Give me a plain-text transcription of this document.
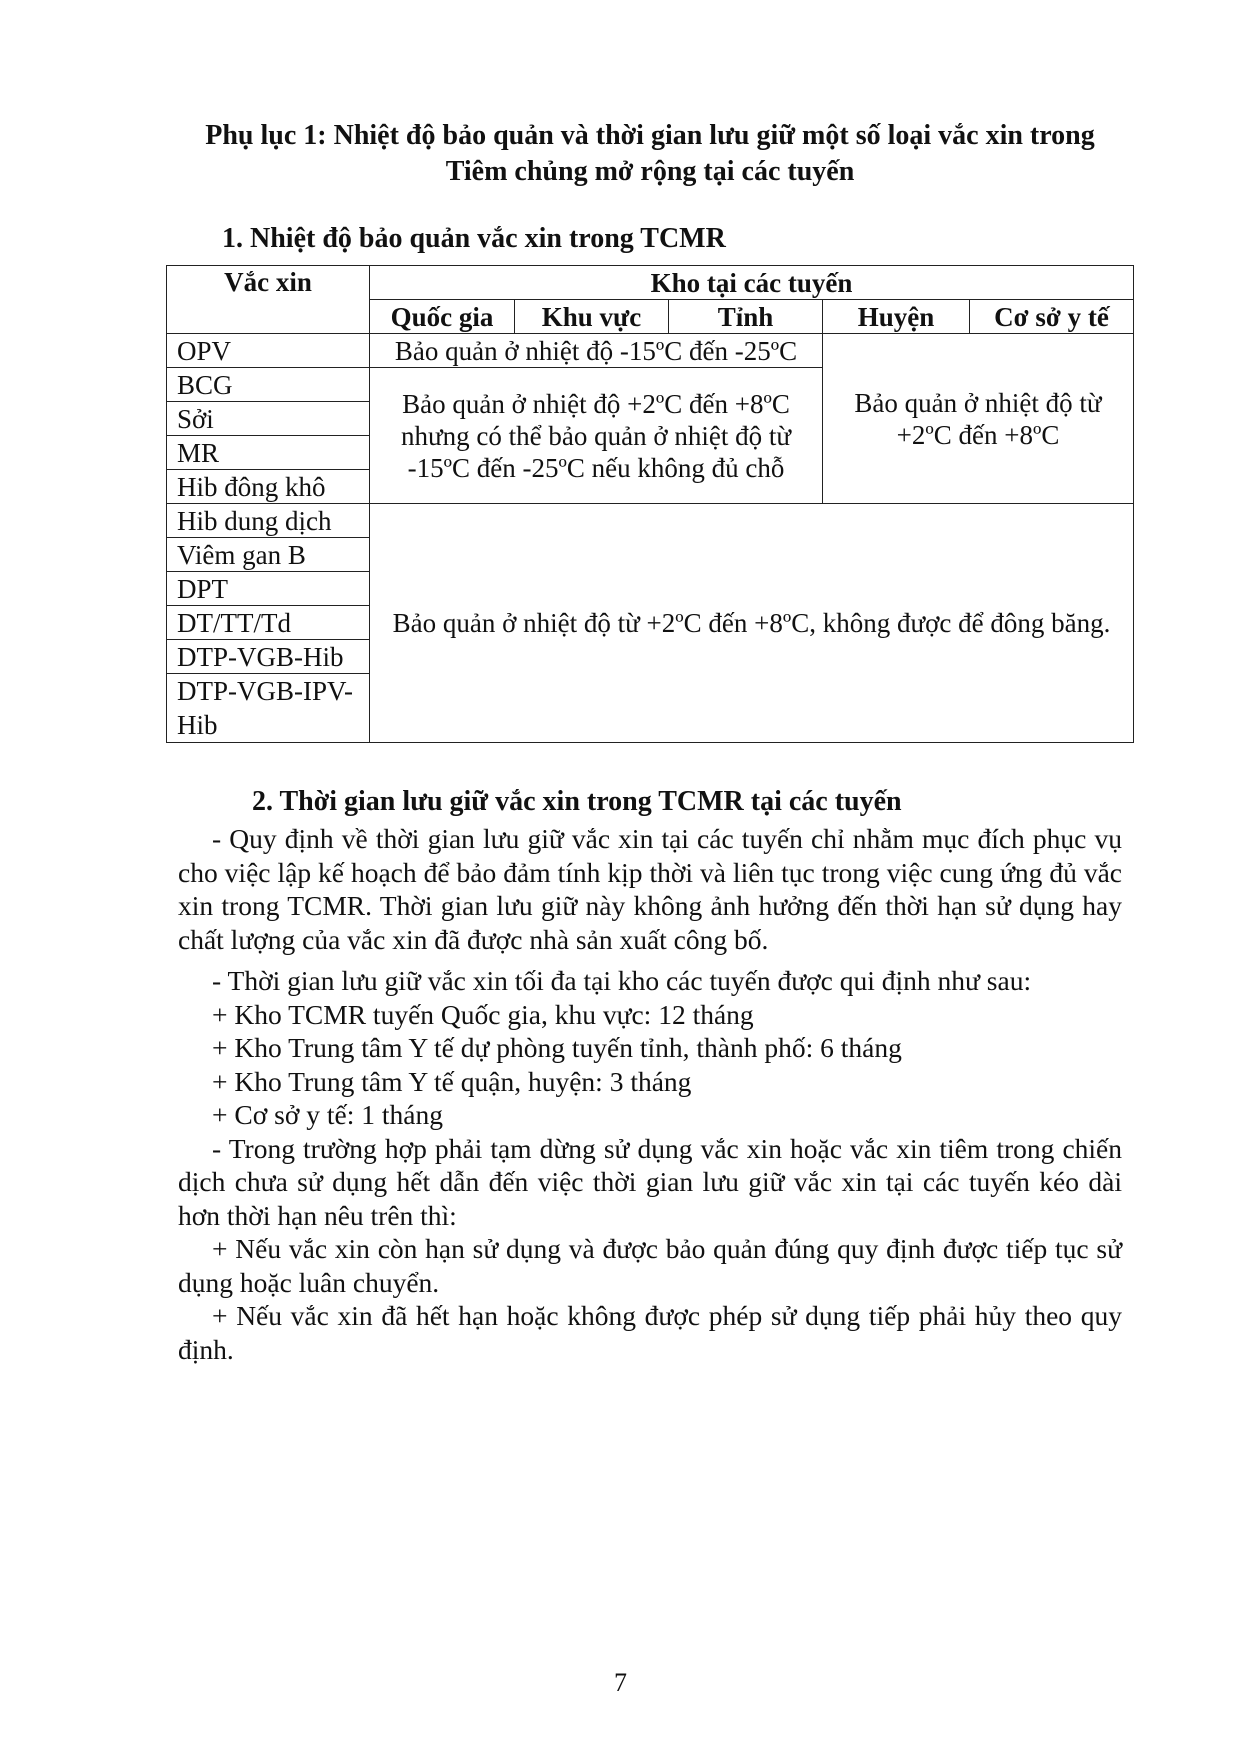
Phụ lục 1: Nhiệt độ bảo quản và thời gian lưu giữ một số loại vắc xin trong
Tiêm chủng mở rộng tại các tuyến
1. Nhiệt độ bảo quản vắc xin trong TCMR
Vắc xin	Kho tại các tuyến				
	Quốc gia	Khu vực	Tỉnh	Huyện	Cơ sở y tế
OPV	Bảo quản ở nhiệt độ -15ºC đến -25ºC			Bảo quản ở nhiệt độ từ +2ºC đến +8ºC	
BCG	Bảo quản ở nhiệt độ +2ºC đến +8ºC nhưng có thể bảo quản ở nhiệt độ từ -15ºC đến -25ºC nếu không đủ chỗ				
Sởi					
MR					
Hib đông khô					
Hib dung dịch	Bảo quản ở nhiệt độ từ +2ºC đến +8ºC, không được để đông băng.				
Viêm gan B					
DPT					
DT/TT/Td					
DTP-VGB-Hib					
DTP-VGB-IPV-Hib					
2. Thời gian lưu giữ vắc xin trong TCMR tại các tuyến

- Quy định về thời gian lưu giữ vắc xin tại các tuyến chỉ nhằm mục đích phục vụ cho việc lập kế hoạch để bảo đảm tính kịp thời và liên tục trong việc cung ứng đủ vắc xin trong TCMR. Thời gian lưu giữ này không ảnh hưởng đến thời hạn sử dụng hay chất lượng của vắc xin đã được nhà sản xuất công bố.

- Thời gian lưu giữ vắc xin tối đa tại kho các tuyến được qui định như sau:

+ Kho TCMR tuyến Quốc gia, khu vực: 12 tháng

+ Kho Trung tâm Y tế dự phòng tuyến tỉnh, thành phố: 6 tháng

+ Kho Trung tâm Y tế quận, huyện: 3 tháng

+ Cơ sở y tế: 1 tháng

- Trong trường hợp phải tạm dừng sử dụng vắc xin hoặc vắc xin tiêm trong chiến dịch chưa sử dụng hết dẫn đến việc thời gian lưu giữ vắc xin tại các tuyến kéo dài hơn thời hạn nêu trên thì:

+ Nếu vắc xin còn hạn sử dụng và được bảo quản đúng quy định được tiếp tục sử dụng hoặc luân chuyển.

+ Nếu vắc xin đã hết hạn hoặc không được phép sử dụng tiếp phải hủy theo quy định.

7
